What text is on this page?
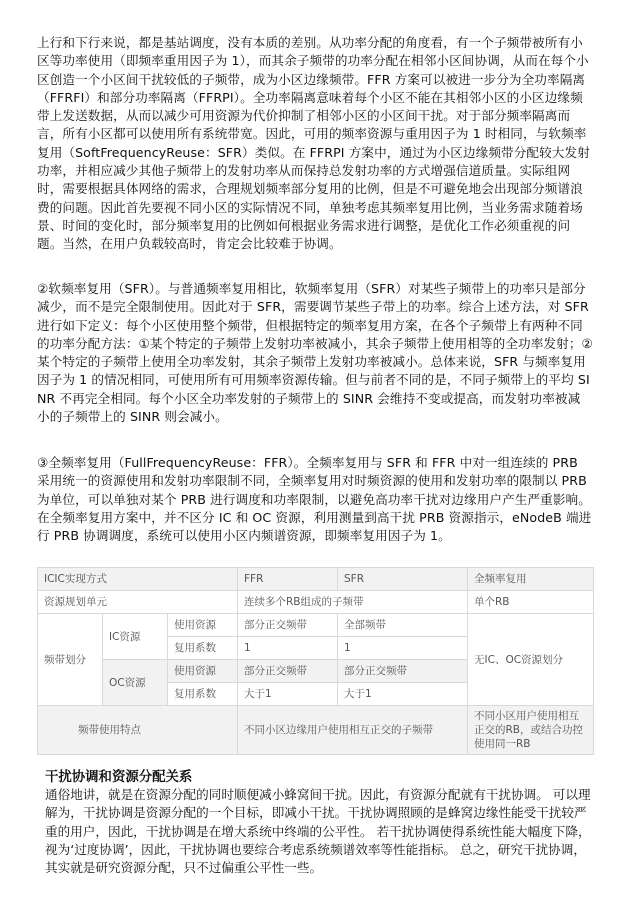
上行和下行来说，都是基站调度，没有本质的差别。从功率分配的角度看，有一个子频带被所有小区等功率使用（即频率重用因子为 1），而其余子频带的功率分配在相邻小区间协调，从而在每个小区创造一个小区间干扰较低的子频带，成为小区边缘频带。FFR 方案可以被进一步分为全功率隔离（FFRFI）和部分功率隔离（FFRPI）。全功率隔离意味着每个小区不能在其相邻小区的小区边缘频带上发送数据，从而以减少可用资源为代价抑制了相邻小区的小区间干扰。对于部分频率隔离而言，所有小区都可以使用所有系统带宽。因此，可用的频率资源与重用因子为 1 时相同，与软频率复用（SoftFrequencyReuse：SFR）类似。在 FFRPI 方案中，通过为小区边缘频带分配较大发射功率，并相应减少其他子频带上的发射功率从而保持总发射功率的方式增强信道质量。实际组网时，需要根据具体网络的需求，合理规划频率部分复用的比例，但是不可避免地会出现部分频谱浪费的问题。因此首先要视不同小区的实际情况不同，单独考虑其频率复用比例，当业务需求随着场景、时间的变化时，部分频率复用的比例如何根据业务需求进行调整，是优化工作必须重视的问题。当然，在用户负载较高时，肯定会比较难于协调。

②软频率复用（SFR）。与普通频率复用相比，软频率复用（SFR）对某些子频带上的功率只是部分减少，而不是完全限制使用。因此对于 SFR，需要调节某些子带上的功率。综合上述方法，对 SFR 进行如下定义：每个小区使用整个频带，但根据特定的频率复用方案，在各个子频带上有两种不同的功率分配方法：①某个特定的子频带上发射功率被减小，其余子频带上使用相等的全功率发射；②某个特定的子频带上使用全功率发射，其余子频带上发射功率被减小。总体来说，SFR 与频率复用因子为 1 的情况相同，可使用所有可用频率资源传输。但与前者不同的是，不同子频带上的平均 SINR 不再完全相同。每个小区全功率发射的子频带上的 SINR 会维持不变或提高，而发射功率被减小的子频带上的 SINR 则会减小。

③全频率复用（FullFrequencyReuse：FFR）。全频率复用与 SFR 和 FFR 中对一组连续的 PRB 采用统一的资源使用和发射功率限制不同，全频率复用对时频资源的使用和发射功率的限制以 PRB 为单位，可以单独对某个 PRB 进行调度和功率限制，以避免高功率干扰对边缘用户产生严重影响。在全频率复用方案中，并不区分 IC 和 OC 资源，利用测量到高干扰 PRB 资源指示，eNodeB 端进行 PRB 协调调度，系统可以使用小区内频谱资源，即频率复用因子为 1。

ICIC实现方式			FFR	SFR	全频率复用
资源规划单元			连续多个RB组成的子频带		单个RB
频带划分	IC资源	使用资源	部分正交频带	全部频带	无IC、OC资源划分
		复用系数	1	1	
	OC资源	使用资源	部分正交频带	部分正交频带	
		复用系数	大于1	大于1	
频带使用特点			不同小区边缘用户使用相互正交的子频带		不同小区用户使用相互正交的RB，或结合功控使用同一RB
干扰协调和资源分配关系

通俗地讲，就是在资源分配的同时顺便减小蜂窝间干扰。因此，有资源分配就有干扰协调。 可以理解为，干扰协调是资源分配的一个目标，即减小干扰。干扰协调照顾的是蜂窝边缘性能受干扰较严重的用户，因此，干扰协调是在增大系统中终端的公平性。 若干扰协调使得系统性能大幅度下降，视为‘过度协调’，因此，干扰协调也要综合考虑系统频谱效率等性能指标。 总之，研究干扰协调，其实就是研究资源分配，只不过偏重公平性一些。
